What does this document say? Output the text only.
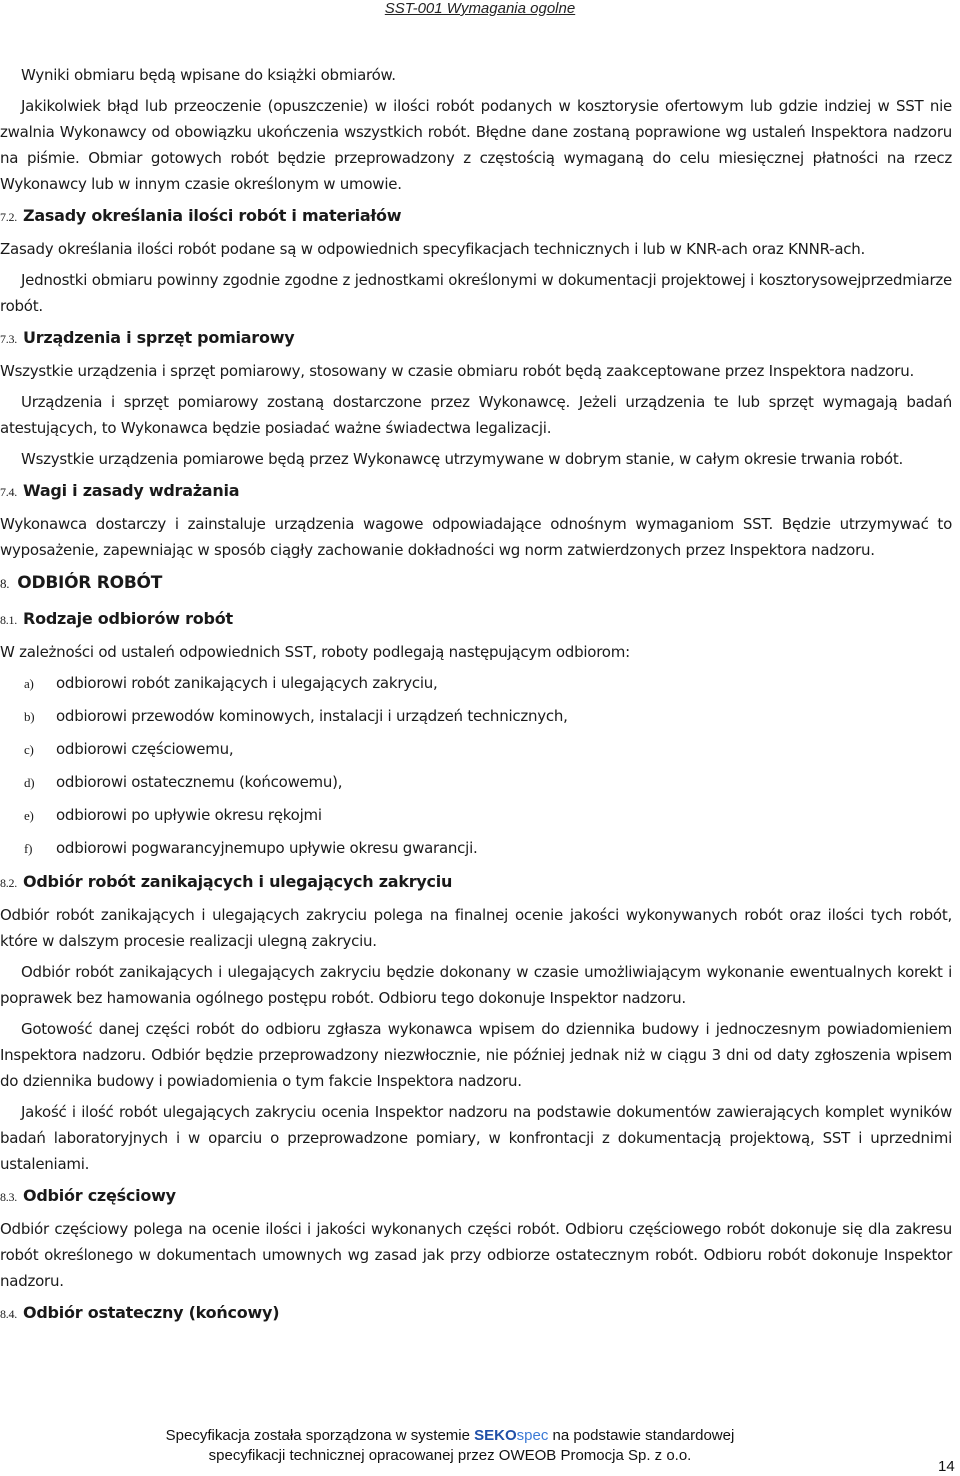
SST-001 Wymagania ogolne

Wyniki obmiaru będą wpisane do książki obmiarów.

Jakikolwiek błąd lub przeoczenie (opuszczenie) w ilości robót podanych w kosztorysie ofertowym lub gdzie indziej w SST nie zwalnia Wykonawcy od obowiązku ukończenia wszystkich robót. Błędne dane zostaną poprawione wg ustaleń Inspektora nadzoru na piśmie. Obmiar gotowych robót będzie przeprowadzony z częstością wymaganą do celu miesięcznej płatności na rzecz Wykonawcy lub w innym czasie określonym w umowie.

7.2. Zasady określania ilości robót i materiałów

Zasady określania ilości robót podane są w odpowiednich specyfikacjach technicznych i lub w KNR-ach oraz KNNR-ach.

Jednostki obmiaru powinny zgodnie zgodne z jednostkami określonymi w dokumentacji projektowej i kosztorysowejprzedmiarze robót.

7.3. Urządzenia i sprzęt pomiarowy

Wszystkie urządzenia i sprzęt pomiarowy, stosowany w czasie obmiaru robót będą zaakceptowane przez Inspektora nadzoru.

Urządzenia i sprzęt pomiarowy zostaną dostarczone przez Wykonawcę. Jeżeli urządzenia te lub sprzęt wymagają badań atestujących, to Wykonawca będzie posiadać ważne świadectwa legalizacji.

Wszystkie urządzenia pomiarowe będą przez Wykonawcę utrzymywane w dobrym stanie, w całym okresie trwania robót.

7.4. Wagi i zasady wdrażania

Wykonawca dostarczy i zainstaluje urządzenia wagowe odpowiadające odnośnym wymaganiom SST. Będzie utrzymywać to wyposażenie, zapewniając w sposób ciągły zachowanie dokładności wg norm zatwierdzonych przez Inspektora nadzoru.

8. ODBIÓR ROBÓT
8.1. Rodzaje odbiorów robót

W zależności od ustaleń odpowiednich SST, roboty podlegają następującym odbiorom:

a) odbiorowi robót zanikających i ulegających zakryciu,
b) odbiorowi przewodów kominowych, instalacji i urządzeń technicznych,
c) odbiorowi częściowemu,
d) odbiorowi ostatecznemu (końcowemu),
e) odbiorowi po upływie okresu rękojmi
f) odbiorowi pogwarancyjnemupo upływie okresu gwarancji.
8.2. Odbiór robót zanikających i ulegających zakryciu

Odbiór robót zanikających i ulegających zakryciu polega na finalnej ocenie jakości wykonywanych robót oraz ilości tych robót, które w dalszym procesie realizacji ulegną zakryciu.

Odbiór robót zanikających i ulegających zakryciu będzie dokonany w czasie umożliwiającym wykonanie ewentualnych korekt i poprawek bez hamowania ogólnego postępu robót. Odbioru tego dokonuje Inspektor nadzoru.

Gotowość danej części robót do odbioru zgłasza wykonawca wpisem do dziennika budowy i jednoczesnym powiadomieniem Inspektora nadzoru. Odbiór będzie przeprowadzony niezwłocznie, nie później jednak niż w ciągu 3 dni od daty zgłoszenia wpisem do dziennika budowy i powiadomienia o tym fakcie Inspektora nadzoru.

Jakość i ilość robót ulegających zakryciu ocenia Inspektor nadzoru na podstawie dokumentów zawierających komplet wyników badań laboratoryjnych i w oparciu o przeprowadzone pomiary, w konfrontacji z dokumentacją projektową, SST i uprzednimi ustaleniami.

8.3. Odbiór częściowy

Odbiór częściowy polega na ocenie ilości i jakości wykonanych części robót. Odbioru częściowego robót dokonuje się dla zakresu robót określonego w dokumentach umownych wg zasad jak przy odbiorze ostatecznym robót. Odbioru robót dokonuje Inspektor nadzoru.

8.4. Odbiór ostateczny (końcowy)
Specyfikacja została sporządzona w systemie SEKOspec na podstawie standardowej
specyfikacji technicznej opracowanej przez OWEOB Promocja Sp. z o.o.
14
